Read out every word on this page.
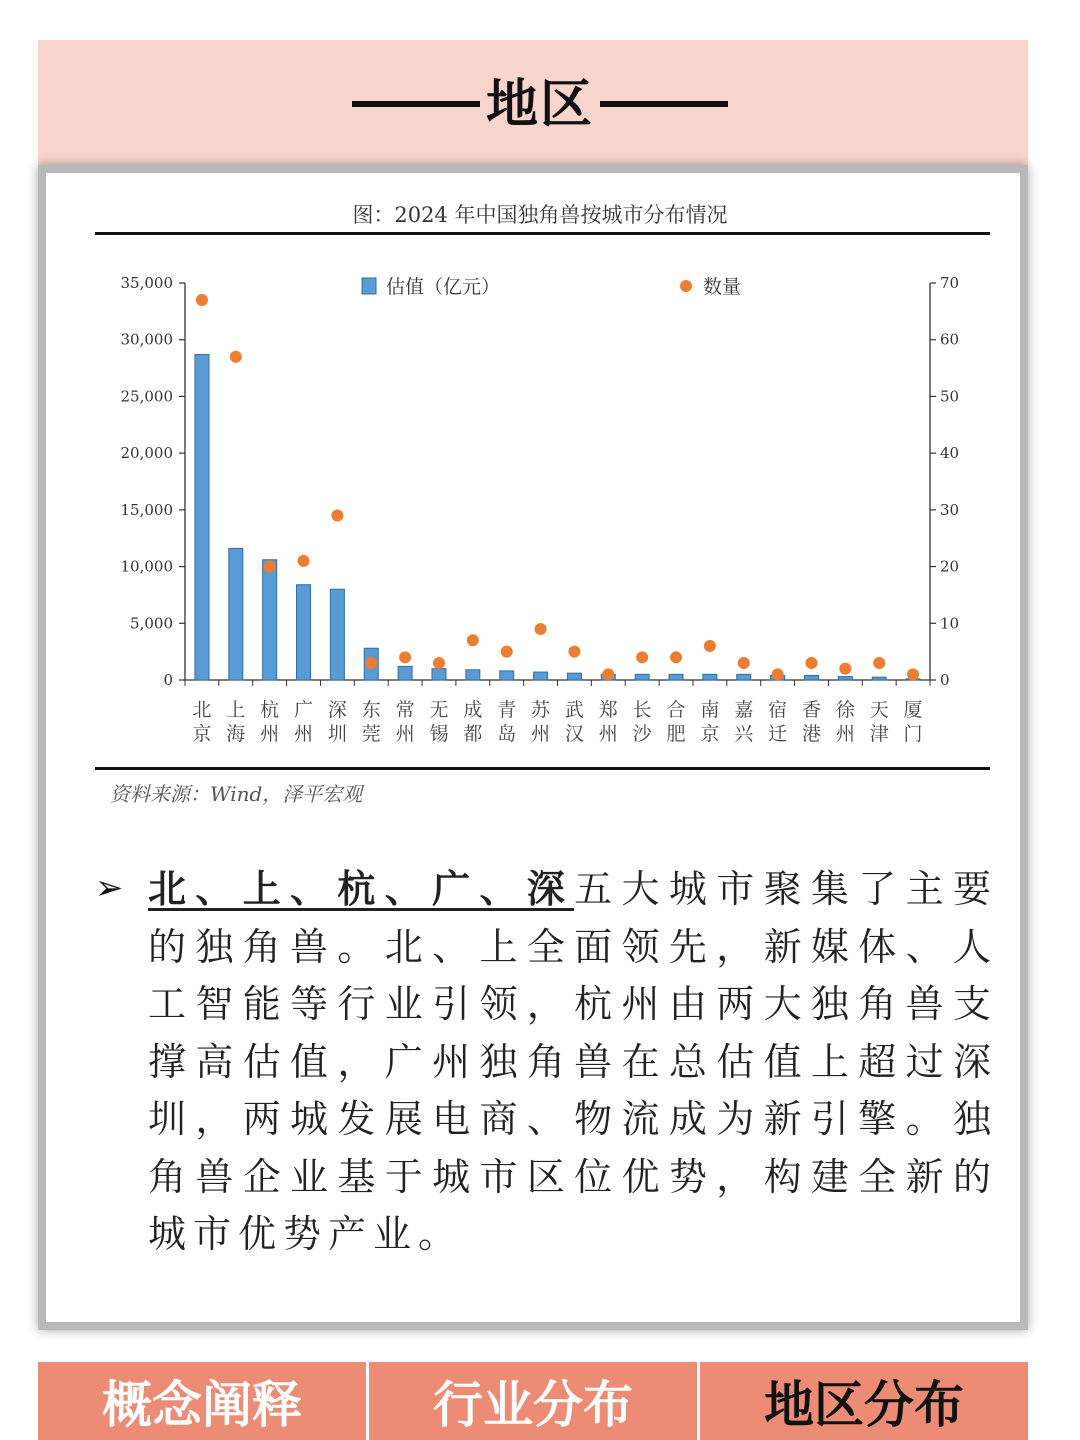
地区
图：2024 年中国独角兽按城市分布情况
0
5,000
10,000
15,000
20,000
25,000
30,000
35,000
0
10
20
30
40
50
60
70
北
京
上
海
杭
州
广
州
深
圳
东
莞
常
州
无
锡
成
都
青
岛
苏
州
武
汉
郑
州
长
沙
合
肥
南
京
嘉
兴
宿
迁
香
港
徐
州
天
津
厦
门
估值（亿元）	数量
资料来源：Wind，泽平宏观
➢ 北、上、杭、广、深五大城市聚集了主要的独角兽。北、上全面领先，新媒体、人工智能等行业引领，杭州由两大独角兽支撑高估值，广州独角兽在总估值上超过深圳，两城发展电商、物流成为新引擎。独角兽企业基于城市区位优势，构建全新的城市优势产业。
概念阐释	行业分布	地区分布
